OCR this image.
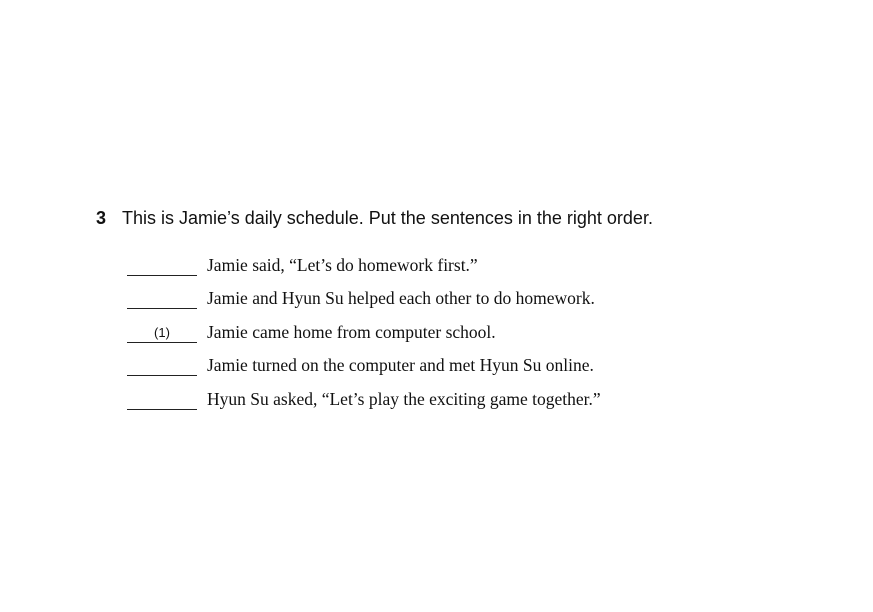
3 This is Jamie’s daily schedule. Put the sentences in the right order.
Jamie said, “Let’s do homework first.”
Jamie and Hyun Su helped each other to do homework.
(1)	Jamie came home from computer school.
Jamie turned on the computer and met Hyun Su online.
Hyun Su asked, “Let’s play the exciting game together.”
